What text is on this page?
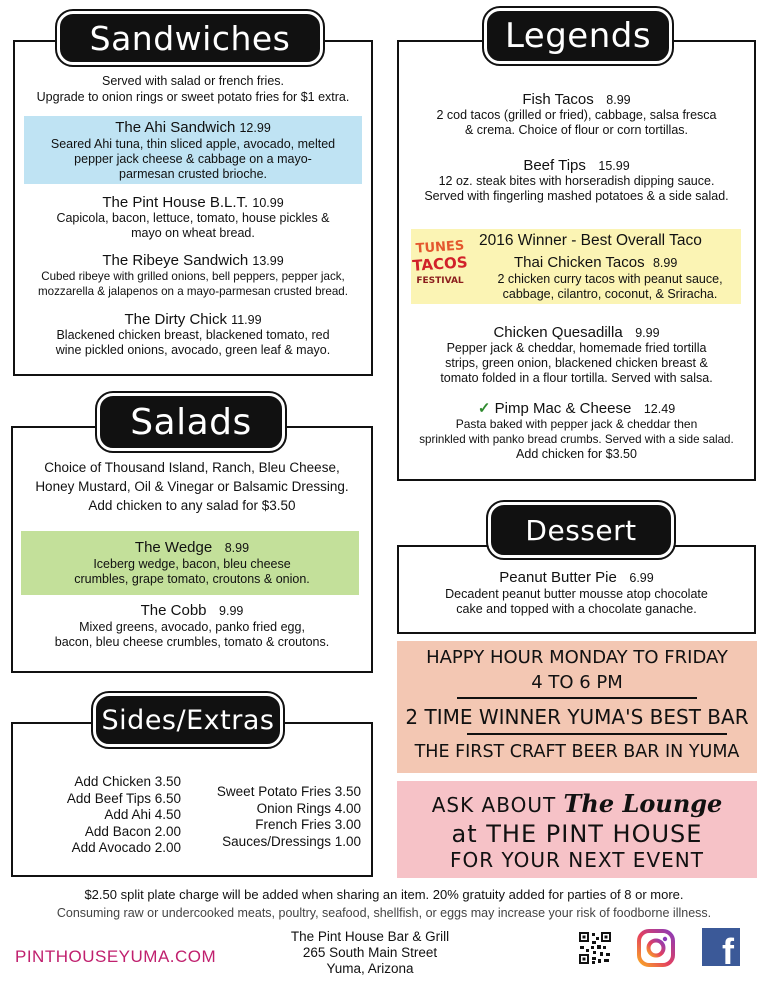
Served with salad or french fries.
Upgrade to onion rings or sweet potato fries for $1 extra.
The Ahi Sandwich 12.99
Seared Ahi tuna, thin sliced apple, avocado, melted
pepper jack cheese & cabbage on a mayo-
parmesan crusted brioche.
The Pint House B.L.T. 10.99
Capicola, bacon, lettuce, tomato, house pickles &
mayo on wheat bread.
The Ribeye Sandwich 13.99
Cubed ribeye with grilled onions, bell peppers, pepper jack,
mozzarella & jalapenos on a mayo-parmesan crusted bread.
The Dirty Chick 11.99
Blackened chicken breast, blackened tomato, red
wine pickled onions, avocado, green leaf & mayo.
Sandwiches
Choice of Thousand Island, Ranch, Bleu Cheese,
Honey Mustard, Oil & Vinegar or Balsamic Dressing.
Add chicken to any salad for $3.50
The Wedge 8.99
Iceberg wedge, bacon, bleu cheese
crumbles, grape tomato, croutons & onion.
The Cobb 9.99
Mixed greens, avocado, panko fried egg,
bacon, bleu cheese crumbles, tomato & croutons.
Salads
Add Chicken 3.50
Add Beef Tips 6.50
Add Ahi 4.50
Add Bacon 2.00
Add Avocado 2.00
Sweet Potato Fries 3.50
Onion Rings 4.00
French Fries 3.00
Sauces/Dressings 1.00
Sides/Extras
Fish Tacos 8.99
2 cod tacos (grilled or fried), cabbage, salsa fresca
& crema. Choice of flour or corn tortillas.
Beef Tips 15.99
12 oz. steak bites with horseradish dipping sauce.
Served with fingerling mashed potatoes & a side salad.
TUNES
TACOS
FESTIVAL
2016 Winner - Best Overall Taco
Thai Chicken Tacos 8.99
2 chicken curry tacos with peanut sauce,
cabbage, cilantro, coconut, & Sriracha.
Chicken Quesadilla 9.99
Pepper jack & cheddar, homemade fried tortilla
strips, green onion, blackened chicken breast &
tomato folded in a flour tortilla. Served with salsa.
✓ Pimp Mac & Cheese 12.49
Pasta baked with pepper jack & cheddar then
sprinkled with panko bread crumbs. Served with a side salad.
Add chicken for $3.50
Legends
Peanut Butter Pie 6.99
Decadent peanut butter mousse atop chocolate
cake and topped with a chocolate ganache.
Dessert
HAPPY HOUR MONDAY TO FRIDAY
4 TO 6 PM
2 TIME WINNER YUMA'S BEST BAR
THE FIRST CRAFT BEER BAR IN YUMA
ASK ABOUT The Lounge
at THE PINT HOUSE
FOR YOUR NEXT EVENT
$2.50 split plate charge will be added when sharing an item. 20% gratuity added for parties of 8 or more.
Consuming raw or undercooked meats, poultry, seafood, shellfish, or eggs may increase your risk of foodborne illness.
PINTHOUSEYUMA.COM
The Pint House Bar & Grill
265 South Main Street
Yuma, Arizona	f
